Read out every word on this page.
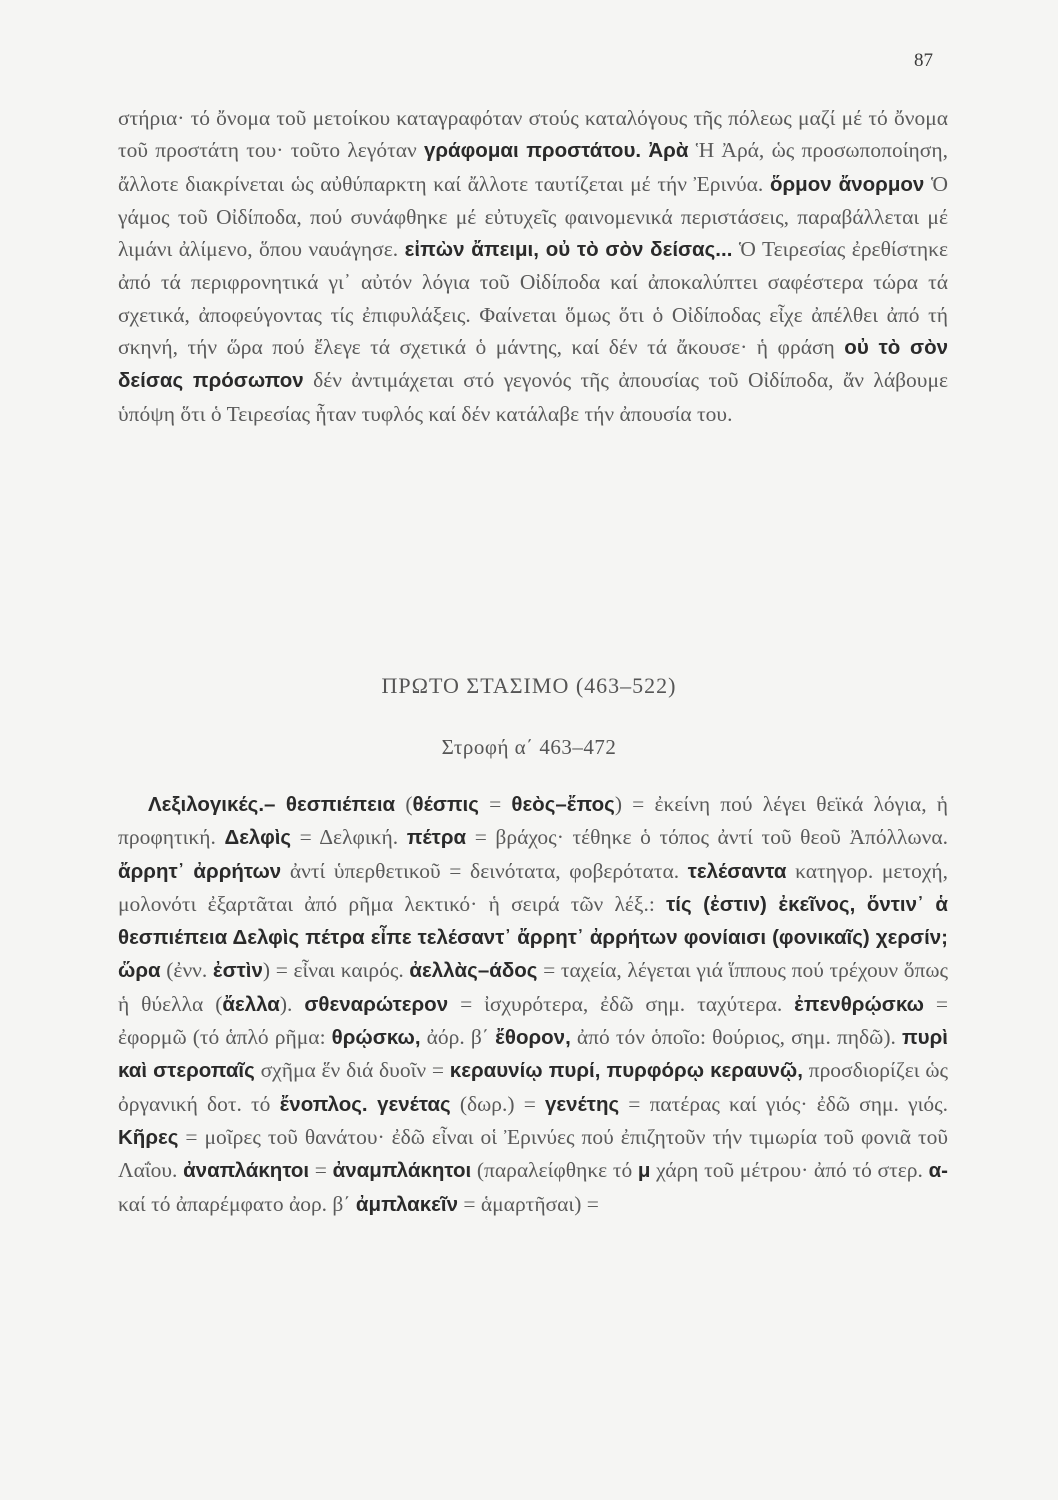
87
στήρια· τό ὄνομα τοῦ μετοίκου καταγραφόταν στούς καταλόγους τῆς πόλεως μαζί μέ τό ὄνομα τοῦ προστάτη του· τοῦτο λεγόταν γράφομαι προστάτου. Ἀρὰ Ἡ Ἀρά, ὡς προσωποποίηση, ἄλλοτε διακρίνεται ὡς αὐθύπαρκτη καί ἄλλοτε ταυτίζεται μέ τήν Ἐρινύα. ὅρμον ἄνορμον Ὁ γάμος τοῦ Οἰδίποδα, πού συνάφθηκε μέ εὐτυχεῖς φαινομενικά περιστάσεις, παραβάλλεται μέ λιμάνι ἀλίμενο, ὅπου ναυάγησε. εἰπὼν ἄπειμι, οὐ τὸ σὸν δείσας... Ὁ Τειρεσίας ἐρεθίστηκε ἀπό τά περιφρονητικά γι᾽ αὐτόν λόγια τοῦ Οἰδίποδα καί ἀποκαλύπτει σαφέστερα τώρα τά σχετικά, ἀποφεύγοντας τίς ἐπιφυλάξεις. Φαίνεται ὅμως ὅτι ὁ Οἰδίποδας εἶχε ἀπέλθει ἀπό τή σκηνή, τήν ὥρα πού ἔλεγε τά σχετικά ὁ μάντης, καί δέν τά ἄκουσε· ἡ φράση οὐ τὸ σὸν δείσας πρόσωπον δέν ἀντιμάχεται στό γεγονός τῆς ἀπουσίας τοῦ Οἰδίποδα, ἄν λάβουμε ὑπόψη ὅτι ὁ Τειρεσίας ἦταν τυφλός καί δέν κατάλαβε τήν ἀπουσία του.
ΠΡΩΤΟ ΣΤΑΣΙΜΟ (463–522)
Στροφή α΄ 463–472
Λεξιλογικές.– θεσπιέπεια (θέσπις = θεὸς–ἔπος) = ἐκείνη πού λέγει θεϊκά λόγια, ἡ προφητική. Δελφὶς = Δελφική. πέτρα = βράχος· τέθηκε ὁ τόπος ἀντί τοῦ θεοῦ Ἀπόλλωνα. ἄρρητ᾽ ἀρρήτων ἀντί ὑπερθετικοῦ = δεινότατα, φοβερότατα. τελέσαντα κατηγορ. μετοχή, μολονότι ἐξαρτᾶται ἀπό ρῆμα λεκτικό· ἡ σειρά τῶν λέξ.: τίς (ἐστιν) ἐκεῖνος, ὅντιν᾽ ἁ θεσπιέπεια Δελφὶς πέτρα εἶπε τελέσαντ᾽ ἄρρητ᾽ ἀρρήτων φονίαισι (φονικαῖς) χερσίν; ὥρα (ἐνν. ἐστὶν) = εἶναι καιρός. ἀελλὰς–άδος = ταχεία, λέγεται γιά ἵππους πού τρέχουν ὅπως ἡ θύελλα (ἄελλα). σθεναρώτερον = ἰσχυρότερα, ἐδῶ σημ. ταχύτερα. ἐπενθρῴσκω = ἐφορμῶ (τό ἁπλό ρῆμα: θρῴσκω, ἀόρ. β΄ ἔθορον, ἀπό τόν ὁποῖο: θούριος, σημ. πηδῶ). πυρὶ καὶ στεροπαῖς σχῆμα ἕν διά δυοῖν = κεραυνίῳ πυρί, πυρφόρῳ κεραυνῷ, προσδιορίζει ὡς ὀργανική δοτ. τό ἔνοπλος. γενέτας (δωρ.) = γενέτης = πατέρας καί γιός· ἐδῶ σημ. γιός. Κῆρες = μοῖρες τοῦ θανάτου· ἐδῶ εἶναι οἱ Ἐρινύες πού ἐπιζητοῦν τήν τιμωρία τοῦ φονιᾶ τοῦ Λαΐου. ἀναπλάκητοι = ἀναμπλάκητοι (παραλείφθηκε τό μ χάρη τοῦ μέτρου· ἀπό τό στερ. α- καί τό ἀπαρέμφατο ἀορ. β΄ ἀμπλακεῖν = ἁμαρτῆσαι) =
